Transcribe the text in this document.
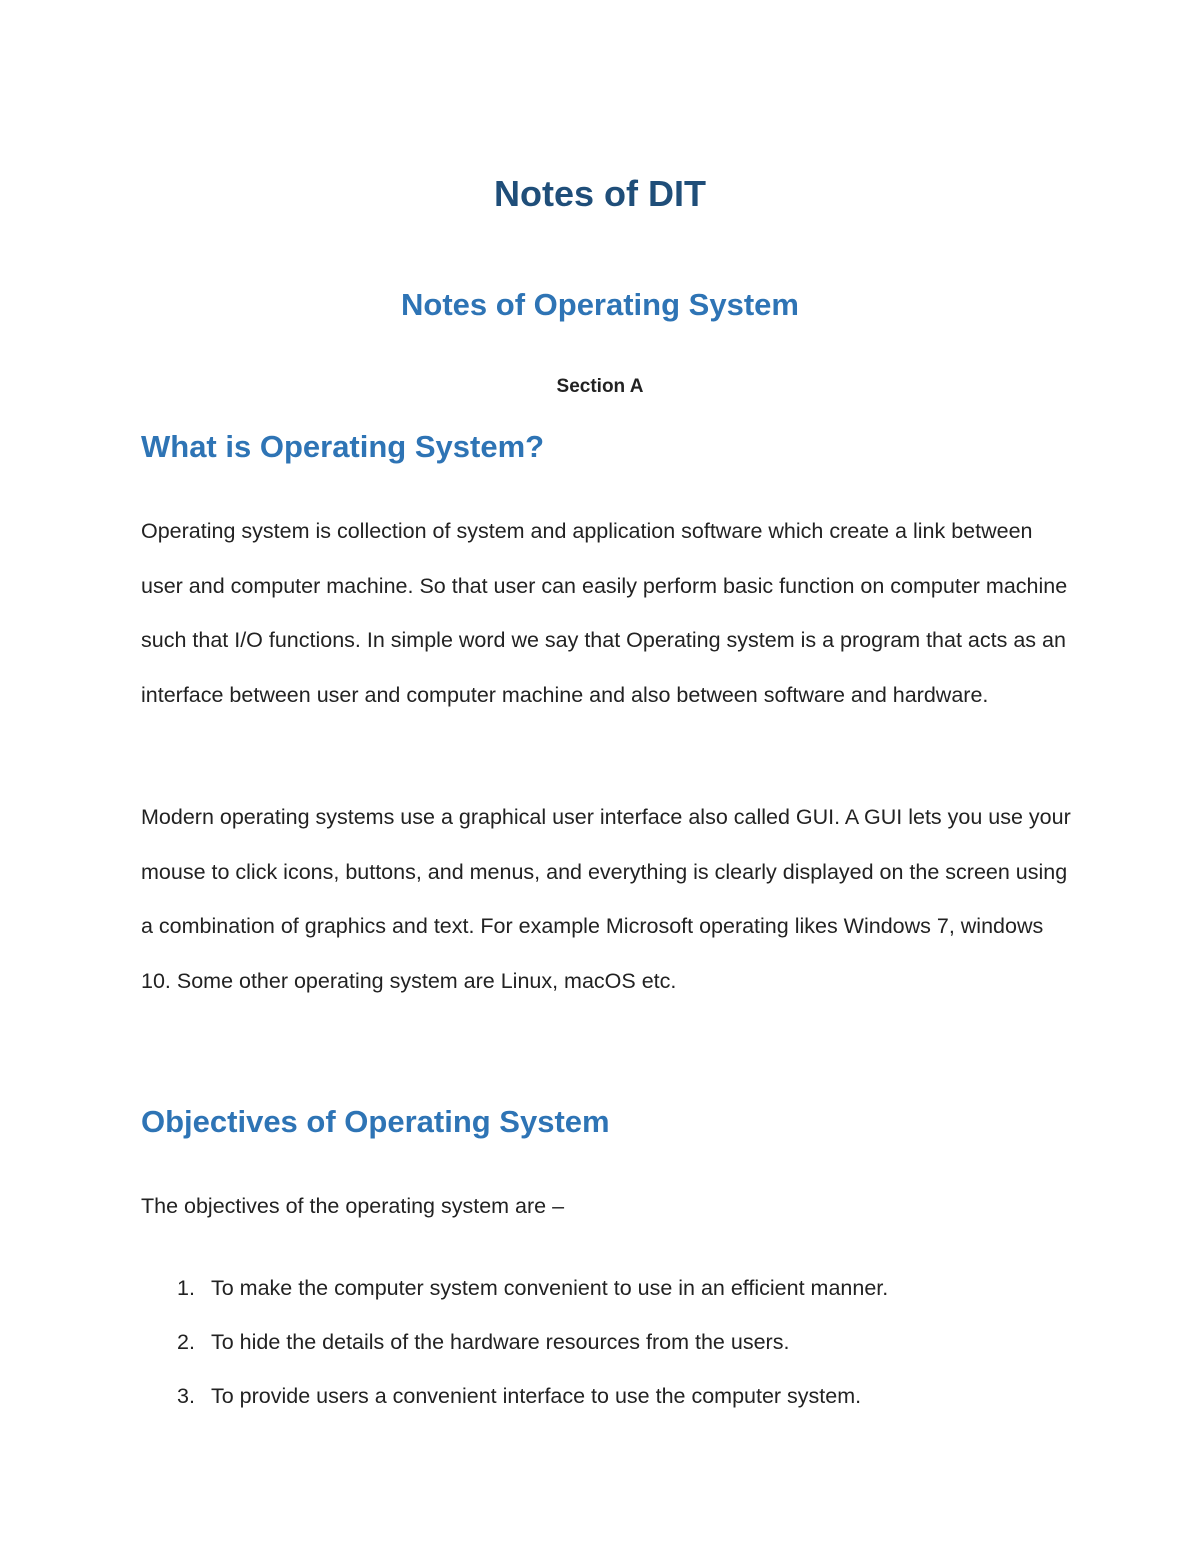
Notes of DIT
Notes of Operating System
Section A
What is Operating System?

Operating system is collection of system and application software which create a link between user and computer machine. So that user can easily perform basic function on computer machine such that I/O functions. In simple word we say that Operating system is a program that acts as an interface between user and computer machine and also between software and hardware.

Modern operating systems use a graphical user interface also called GUI. A GUI lets you use your mouse to click icons, buttons, and menus, and everything is clearly displayed on the screen using a combination of graphics and text. For example Microsoft operating likes Windows 7, windows 10. Some other operating system are Linux, macOS etc.

Objectives of Operating System

The objectives of the operating system are –

1. To make the computer system convenient to use in an efficient manner.
2. To hide the details of the hardware resources from the users.
3. To provide users a convenient interface to use the computer system.
